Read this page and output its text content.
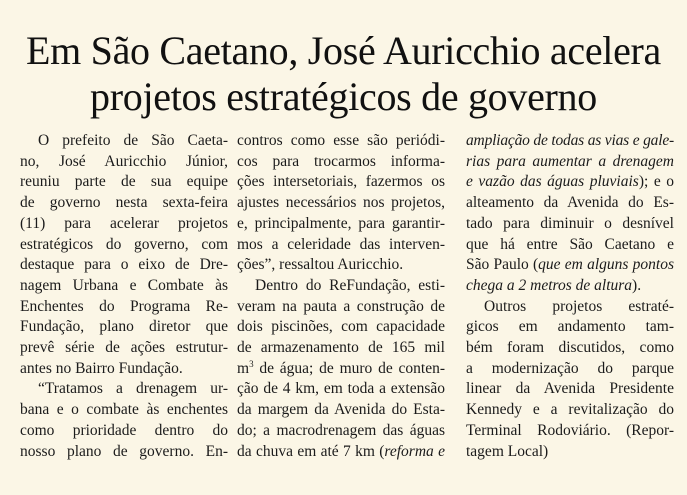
Em São Caetano, José Auricchio acelera
projetos estratégicos de governo
O prefeito de São Caeta-
no, José Auricchio Júnior,
reuniu parte de sua equipe
de governo nesta sexta-feira
(11) para acelerar projetos
estratégicos do governo, com
destaque para o eixo de Dre-
nagem Urbana e Combate às
Enchentes do Programa Re-
Fundação, plano diretor que
prevê série de ações estrutur-
antes no Bairro Fundação.
“Tratamos a drenagem ur-
bana e o combate às enchentes
como prioridade dentro do
nosso plano de governo. En-
contros como esse são periódi-
cos para trocarmos informa-
ções intersetoriais, fazermos os
ajustes necessários nos projetos,
e, principalmente, para garantir-
mos a celeridade das interven-
ções”, ressaltou Auricchio.
Dentro do ReFundação, esti-
veram na pauta a construção de
dois piscinões, com capacidade
de armazenamento de 165 mil
$m^3$ de água; de muro de conten-
ção de 4 km, em toda a extensão
da margem da Avenida do Esta-
do; a macrodrenagem das águas
da chuva em até 7 km (reforma e
ampliação de todas as vias e gale-
rias para aumentar a drenagem
e vazão das águas pluviais); e o
alteamento da Avenida do Es-
tado para diminuir o desnível
que há entre São Caetano e
São Paulo (que em alguns pontos
chega a 2 metros de altura).
Outros projetos estraté-
gicos em andamento tam-
bém foram discutidos, como
a modernização do parque
linear da Avenida Presidente
Kennedy e a revitalização do
Terminal Rodoviário. (Repor-
tagem Local)
